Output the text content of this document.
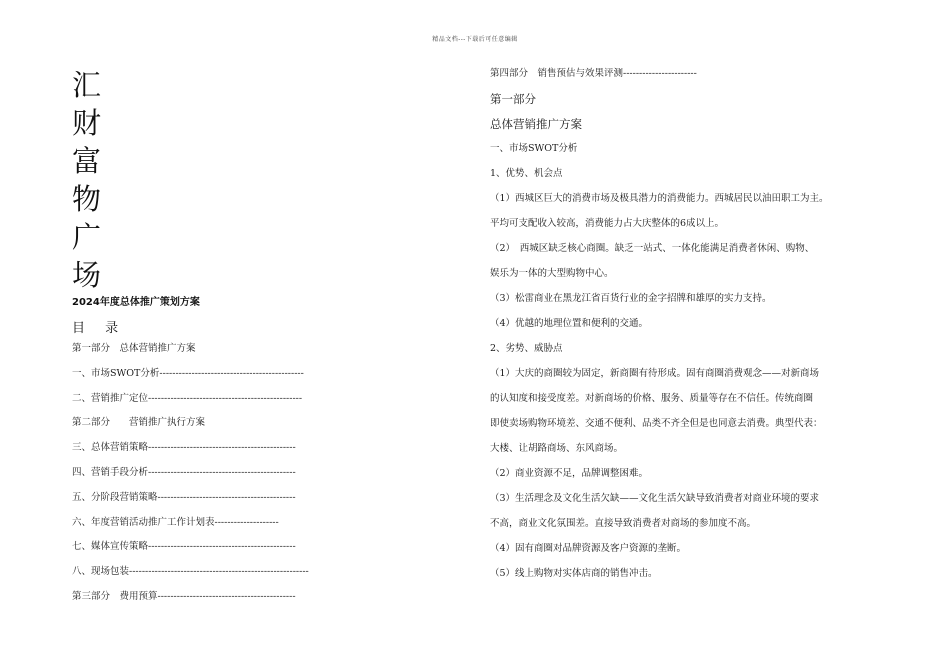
精品文档---下载后可任意编辑
汇
财
富
物
广
场
2024年度总体推广策划方案
目 录
第一部分　总体营销推广方案
一、市场SWOT分析---------------------------------------------
二、营销推广定位------------------------------------------------
第二部分　　营销推广执行方案
三、总体营销策略----------------------------------------------
四、营销手段分析----------------------------------------------
五、分阶段营销策略-------------------------------------------
六、年度营销活动推广工作计划表--------------------
七、媒体宣传策略----------------------------------------------
八、现场包装--------------------------------------------------------
第三部分　费用预算-------------------------------------------
第四部分　销售预估与效果评测-----------------------
第一部分
总体营销推广方案
一、市场SWOT分析
1、优势、机会点
（1）西城区巨大的消费市场及极具潜力的消费能力。西城居民以油田职工为主。
平均可支配收入较高，消费能力占大庆整体的6成以上。
（2）　西城区缺乏核心商圈。缺乏一站式、一体化能满足消费者休闲、购物、
娱乐为一体的大型购物中心。
（3）松雷商业在黑龙江省百货行业的金字招牌和雄厚的实力支持。
（4）优越的地理位置和便利的交通。
2、劣势、威胁点
（1）大庆的商圈较为固定，新商圈有待形成。固有商圈消费观念——对新商场
的认知度和接受度差。对新商场的价格、服务、质量等存在不信任。传统商圈
即使卖场购物环境差、交通不便利、品类不齐全但是也同意去消费。典型代表：
大楼、让胡路商场、东风商场。
（2）商业资源不足，品牌调整困难。
（3）生活理念及文化生活欠缺——文化生活欠缺导致消费者对商业环境的要求
不高，商业文化氛围差。直接导致消费者对商场的参加度不高。
（4）固有商圈对品牌资源及客户资源的垄断。
（5）线上购物对实体店商的销售冲击。
